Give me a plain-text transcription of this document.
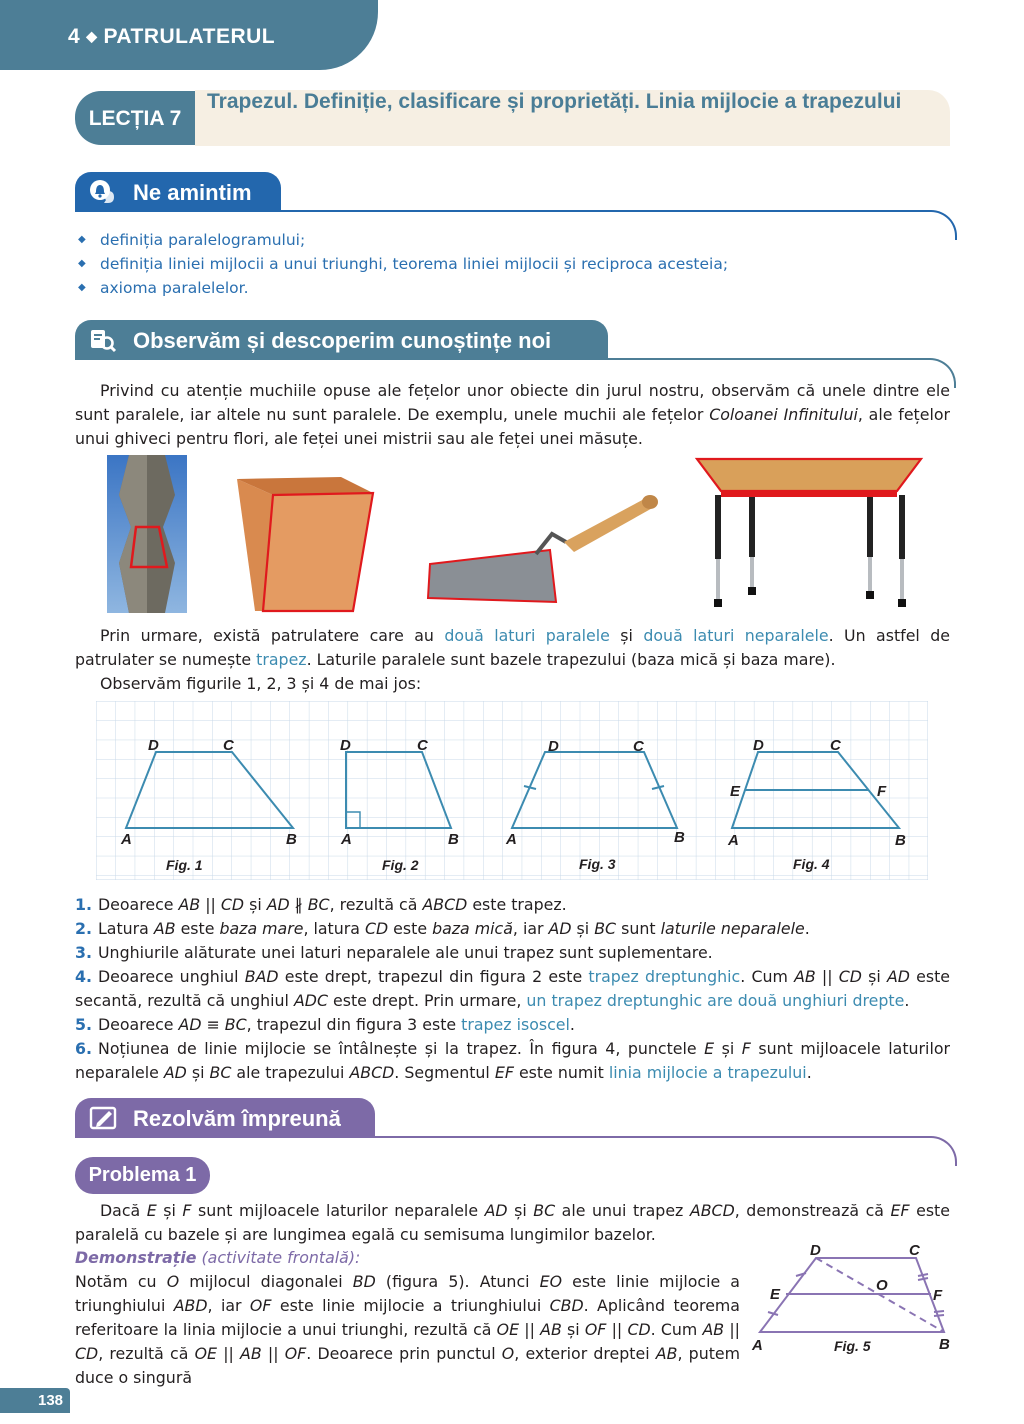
4 ◆ PATRULATERUL
LECȚIA 7
Trapezul. Definiție, clasificare și proprietăți. Linia mijlocie a trapezului
Ne amintim
◆ definiția paralelogramului;
◆ definiția liniei mijlocii a unui triunghi, teorema liniei mijlocii și reciproca acesteia;
◆ axioma paralelelor.
Observăm și descoperim cunoștințe noi

Privind cu atenție muchiile opuse ale fețelor unor obiecte din jurul nostru, observăm că unele dintre ele sunt paralele, iar altele nu sunt paralele. De exemplu, unele muchii ale fețelor Coloanei Infinitului, ale fețelor unui ghiveci pentru flori, ale feței unei mistrii sau ale feței unei măsuțe.

Prin urmare, există patrulatere care au două laturi paralele și două laturi neparalele. Un astfel de patrulater se numește trapez. Laturile paralele sunt bazele trapezului (baza mică și baza mare).

Observăm figurile 1, 2, 3 și 4 de mai jos:

D	C
A	B
Fig. 1
D	C
A	B
Fig. 2
D	C
A	B
Fig. 3
D	C
E	F
A	B
Fig. 4
1. Deoarece AB || CD și AD ∦ BC, rezultă că ABCD este trapez.
2. Latura AB este baza mare, latura CD este baza mică, iar AD și BC sunt laturile neparalele.
3. Unghiurile alăturate unei laturi neparalele ale unui trapez sunt suplementare.
4. Deoarece unghiul BAD este drept, trapezul din figura 2 este trapez dreptunghic. Cum AB || CD și AD este secantă, rezultă că unghiul ADC este drept. Prin urmare, un trapez dreptunghic are două unghiuri drepte.
5. Deoarece AD ≡ BC, trapezul din figura 3 este trapez isoscel.
6. Noțiunea de linie mijlocie se întâlnește și la trapez. În figura 4, punctele E și F sunt mijloacele laturilor neparalele AD și BC ale trapezului ABCD. Segmentul EF este numit linia mijlocie a trapezului.
Rezolvăm împreună
Problema 1

Dacă E și F sunt mijloacele laturilor neparalele AD și BC ale unui trapez ABCD, demonstrează că EF este paralelă cu bazele și are lungimea egală cu semisuma lungimilor bazelor.

Demonstrație (activitate frontală):

Notăm cu O mijlocul diagonalei BD (figura 5). Atunci EO este linie mijlocie a triunghiului ABD, iar OF este linie mijlocie a triunghiului CBD. Aplicând teorema referitoare la linia mijlocie a unui triunghi, rezultă că OE || AB și OF || CD. Cum AB || CD, rezultă că OE || AB || OF. Deoarece prin punctul O, exterior dreptei AB, putem duce o singură

D	C
E
O
F
A	B
Fig. 5
138
